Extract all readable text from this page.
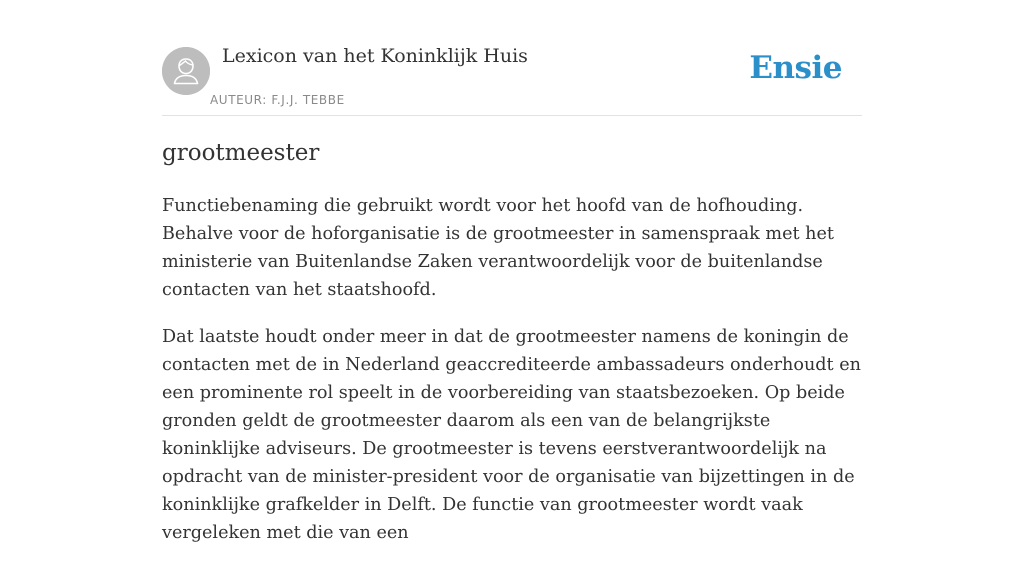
Lexicon van het Koninklijk Huis
AUTEUR: F.J.J. TEBBE
Ensie
grootmeester

Functiebenaming die gebruikt wordt voor het hoofd van de hofhouding. Behalve voor de hoforganisatie is de grootmeester in samenspraak met het ministerie van Buitenlandse Zaken verantwoordelijk voor de buitenlandse contacten van het staatshoofd.

Dat laatste houdt onder meer in dat de grootmeester namens de koningin de contacten met de in Nederland geaccrediteerde ambassadeurs onderhoudt en een prominente rol speelt in de voorbereiding van staatsbezoeken. Op beide gronden geldt de grootmeester daarom als een van de belangrijkste koninklijke adviseurs. De grootmeester is tevens eerstverantwoordelijk na opdracht van de minister-president voor de organisatie van bijzettingen in de koninklijke grafkelder in Delft. De functie van grootmeester wordt vaak vergeleken met die van een
